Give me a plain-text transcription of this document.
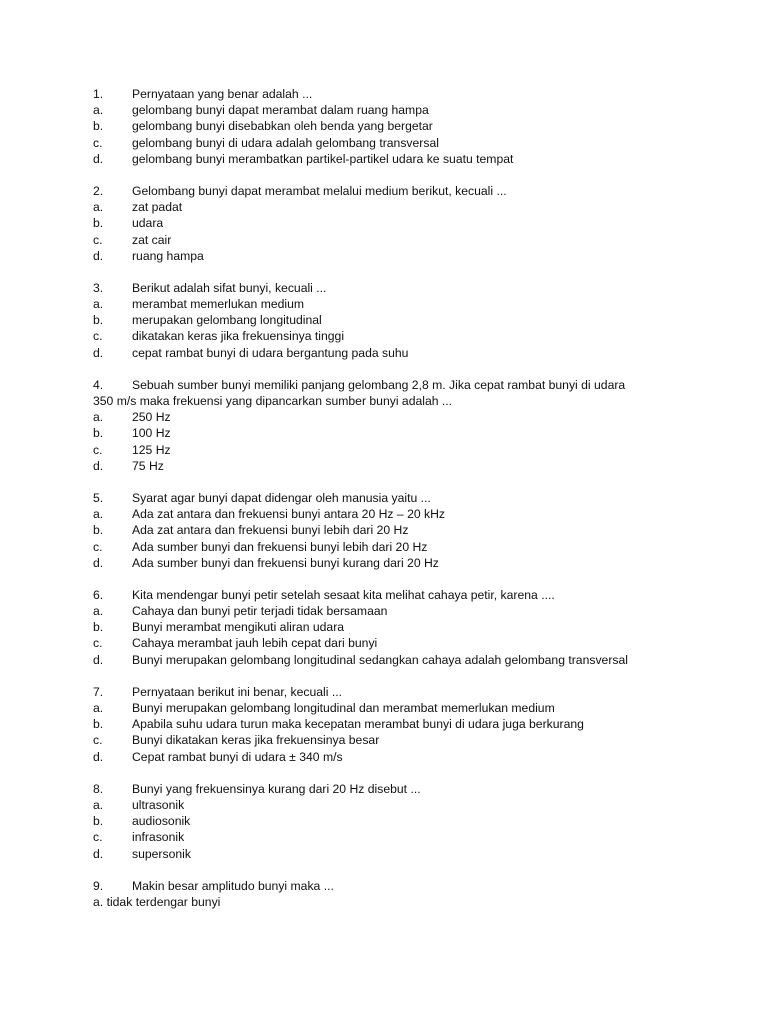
1.	Pernyataan yang benar adalah ...
a.	gelombang bunyi dapat merambat dalam ruang hampa
b.	gelombang bunyi disebabkan oleh benda yang bergetar
c.	gelombang bunyi di udara adalah gelombang transversal
d.	gelombang bunyi merambatkan partikel-partikel udara ke suatu tempat
2.	Gelombang bunyi dapat merambat melalui medium berikut, kecuali ...
a.	zat padat
b.	udara
c.	zat cair
d.	ruang hampa
3.	Berikut adalah sifat bunyi, kecuali ...
a.	merambat memerlukan medium
b.	merupakan gelombang longitudinal
c.	dikatakan keras jika frekuensinya tinggi
d.	cepat rambat bunyi di udara bergantung pada suhu
4.	Sebuah sumber bunyi memiliki panjang gelombang 2,8 m. Jika cepat rambat bunyi di udara
350 m/s maka frekuensi yang dipancarkan sumber bunyi adalah ...
a.	250 Hz
b.	100 Hz
c.	125 Hz
d.	75 Hz
5.	Syarat agar bunyi dapat didengar oleh manusia yaitu ...
a.	Ada zat antara dan frekuensi bunyi antara 20 Hz – 20 kHz
b.	Ada zat antara dan frekuensi bunyi lebih dari 20 Hz
c.	Ada sumber bunyi dan frekuensi bunyi lebih dari 20 Hz
d.	Ada sumber bunyi dan frekuensi bunyi kurang dari 20 Hz
6.	Kita mendengar bunyi petir setelah sesaat kita melihat cahaya petir, karena ....
a.	Cahaya dan bunyi petir terjadi tidak bersamaan
b.	Bunyi merambat mengikuti aliran udara
c.	Cahaya merambat jauh lebih cepat dari bunyi
d.	Bunyi merupakan gelombang longitudinal sedangkan cahaya adalah gelombang transversal
7.	Pernyataan berikut ini benar, kecuali ...
a.	Bunyi merupakan gelombang longitudinal dan merambat memerlukan medium
b.	Apabila suhu udara turun maka kecepatan merambat bunyi di udara juga berkurang
c.	Bunyi dikatakan keras jika frekuensinya besar
d.	Cepat rambat bunyi di udara ± 340 m/s
8.	Bunyi yang frekuensinya kurang dari 20 Hz disebut ...
a.	ultrasonik
b.	audiosonik
c.	infrasonik
d.	supersonik
9.	Makin besar amplitudo bunyi maka ...
a. tidak terdengar bunyi
